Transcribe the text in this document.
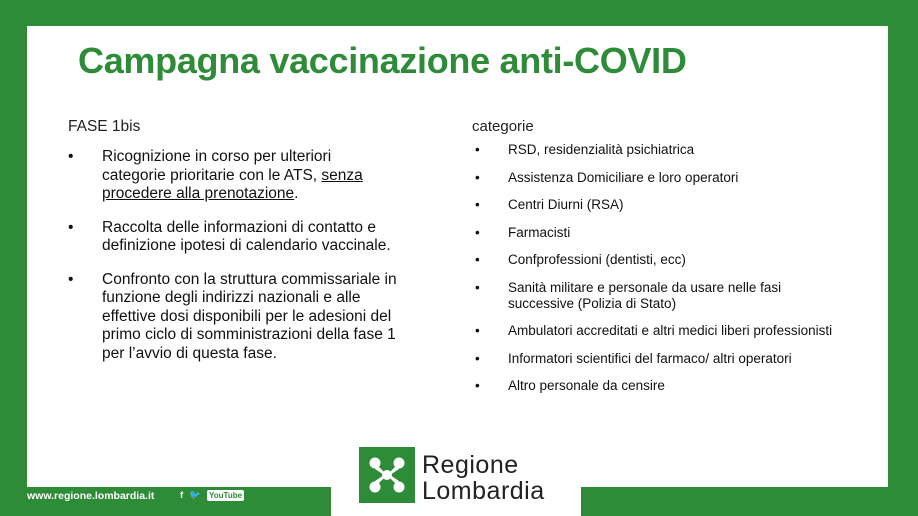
Campagna vaccinazione anti-COVID

FASE 1bis

• Ricognizione in corso per ulteriori categorie prioritarie con le ATS, senza procedere alla prenotazione.
• Raccolta delle informazioni di contatto e definizione ipotesi di calendario vaccinale.
• Confronto con la struttura commissariale in funzione degli indirizzi nazionali e alle effettive dosi disponibili per le adesioni del primo ciclo di somministrazioni della fase 1 per l’avvio di questa fase.

categorie

• RSD, residenzialità psichiatrica
• Assistenza Domiciliare e loro operatori
• Centri Diurni (RSA)
• Farmacisti
• Confprofessioni (dentisti, ecc)
• Sanità militare e personale da usare nelle fasi successive (Polizia di Stato)
• Ambulatori accreditati e altri medici liberi professionisti
• Informatori scientifici del farmaco/ altri operatori
• Altro personale da censire
www.regione.lombardia.it	f 🐦 YouTube
Regione
Lombardia
